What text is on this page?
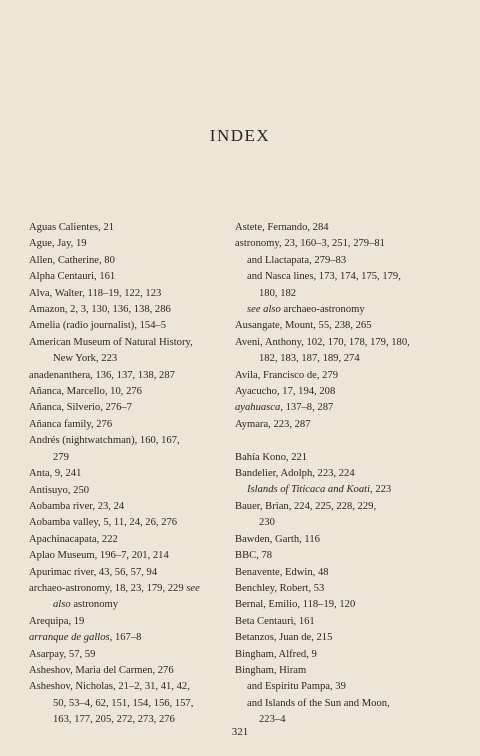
INDEX
Aguas Calientes, 21
Ague, Jay, 19
Allen, Catherine, 80
Alpha Centauri, 161
Alva, Walter, 118–19, 122, 123
Amazon, 2, 3, 130, 136, 138, 286
Amelia (radio journalist), 154–5
American Museum of Natural History,
New York, 223
anadenanthera, 136, 137, 138, 287
Añanca, Marcello, 10, 276
Añanca, Silverio, 276–7
Añanca family, 276
Andrés (nightwatchman), 160, 167,
279
Anta, 9, 241
Antisuyo, 250
Aobamba river, 23, 24
Aobamba valley, 5, 11, 24, 26, 276
Apachinacapata, 222
Aplao Museum, 196–7, 201, 214
Apurimac river, 43, 56, 57, 94
archaeo-astronomy, 18, 23, 179, 229 see
also astronomy
Arequipa, 19
arranque de gallos, 167–8
Asarpay, 57, 59
Asheshov, Maria del Carmen, 276
Asheshov, Nicholas, 21–2, 31, 41, 42,
50, 53–4, 62, 151, 154, 156, 157,
163, 177, 205, 272, 273, 276
Astete, Fernando, 284
astronomy, 23, 160–3, 251, 279–81
and Llactapata, 279–83
and Nasca lines, 173, 174, 175, 179,
180, 182
see also archaeo-astronomy
Ausangate, Mount, 55, 238, 265
Aveni, Anthony, 102, 170, 178, 179, 180,
182, 183, 187, 189, 274
Avila, Francisco de, 279
Ayacucho, 17, 194, 208
ayahuasca, 137–8, 287
Aymara, 223, 287
Bahía Kono, 221
Bandelier, Adolph, 223, 224
Islands of Titicaca and Koati, 223
Bauer, Brian, 224, 225, 228, 229,
230
Bawden, Garth, 116
BBC, 78
Benavente, Edwin, 48
Benchley, Robert, 53
Bernal, Emilio, 118–19, 120
Beta Centauri, 161
Betanzos, Juan de, 215
Bingham, Alfred, 9
Bingham, Hiram
and Espíritu Pampa, 39
and Islands of the Sun and Moon,
223–4
321
